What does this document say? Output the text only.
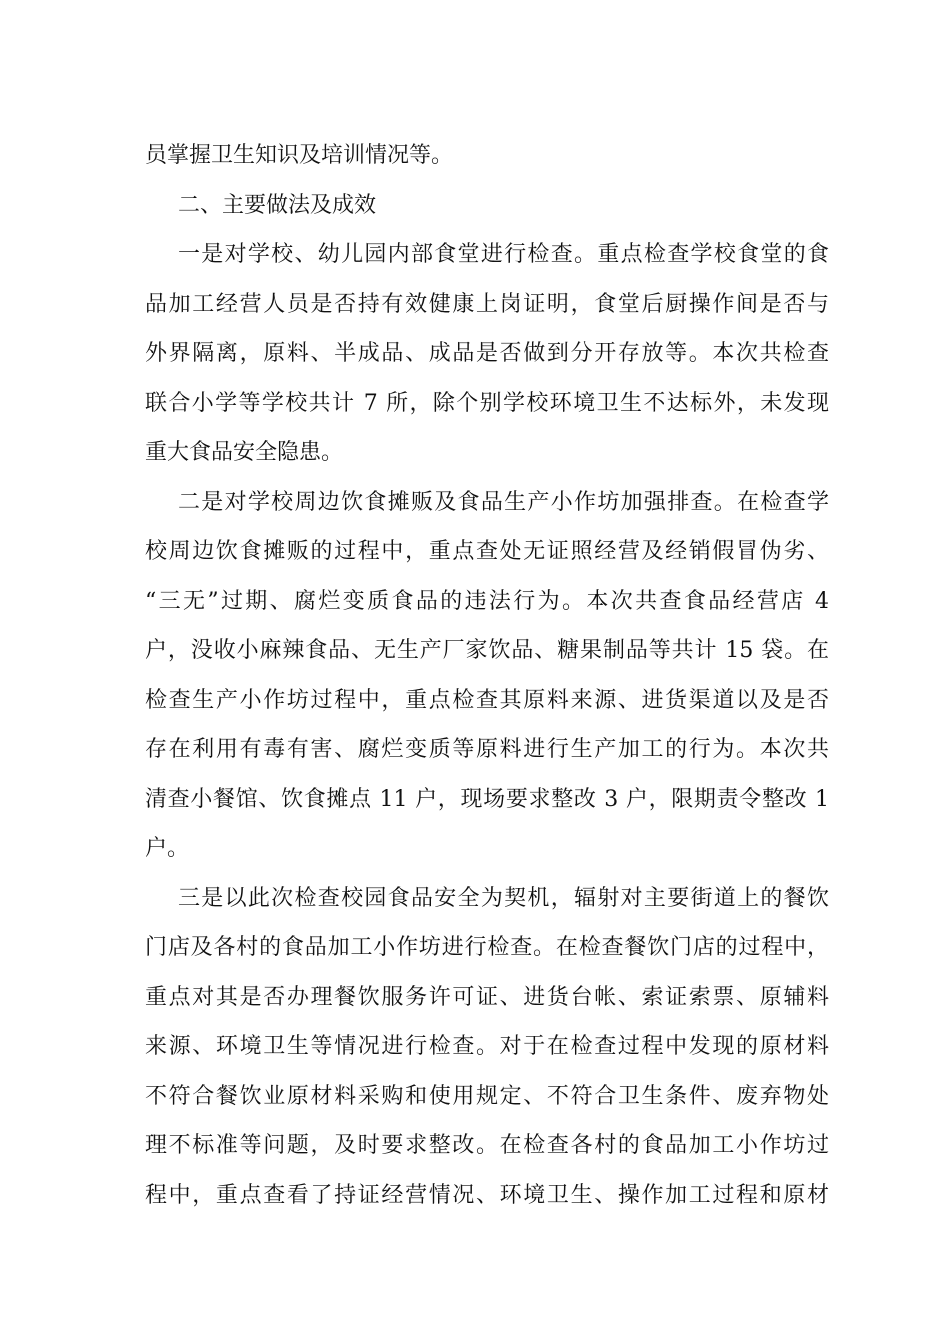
员掌握卫生知识及培训情况等。
二、主要做法及成效
一是对学校、幼儿园内部食堂进行检查。重点检查学校食堂的食
品加工经营人员是否持有效健康上岗证明，食堂后厨操作间是否与
外界隔离，原料、半成品、成品是否做到分开存放等。本次共检查
联合小学等学校共计 7 所，除个别学校环境卫生不达标外，未发现
重大食品安全隐患。
二是对学校周边饮食摊贩及食品生产小作坊加强排查。在检查学
校周边饮食摊贩的过程中，重点查处无证照经营及经销假冒伪劣、
“三无”过期、腐烂变质食品的违法行为。本次共查食品经营店 4
户，没收小麻辣食品、无生产厂家饮品、糖果制品等共计 15 袋。在
检查生产小作坊过程中，重点检查其原料来源、进货渠道以及是否
存在利用有毒有害、腐烂变质等原料进行生产加工的行为。本次共
清查小餐馆、饮食摊点 11 户，现场要求整改 3 户，限期责令整改 1
户。
三是以此次检查校园食品安全为契机，辐射对主要街道上的餐饮
门店及各村的食品加工小作坊进行检查。在检查餐饮门店的过程中，
重点对其是否办理餐饮服务许可证、进货台帐、索证索票、原辅料
来源、环境卫生等情况进行检查。对于在检查过程中发现的原材料
不符合餐饮业原材料采购和使用规定、不符合卫生条件、废弃物处
理不标准等问题，及时要求整改。在检查各村的食品加工小作坊过
程中，重点查看了持证经营情况、环境卫生、操作加工过程和原材
